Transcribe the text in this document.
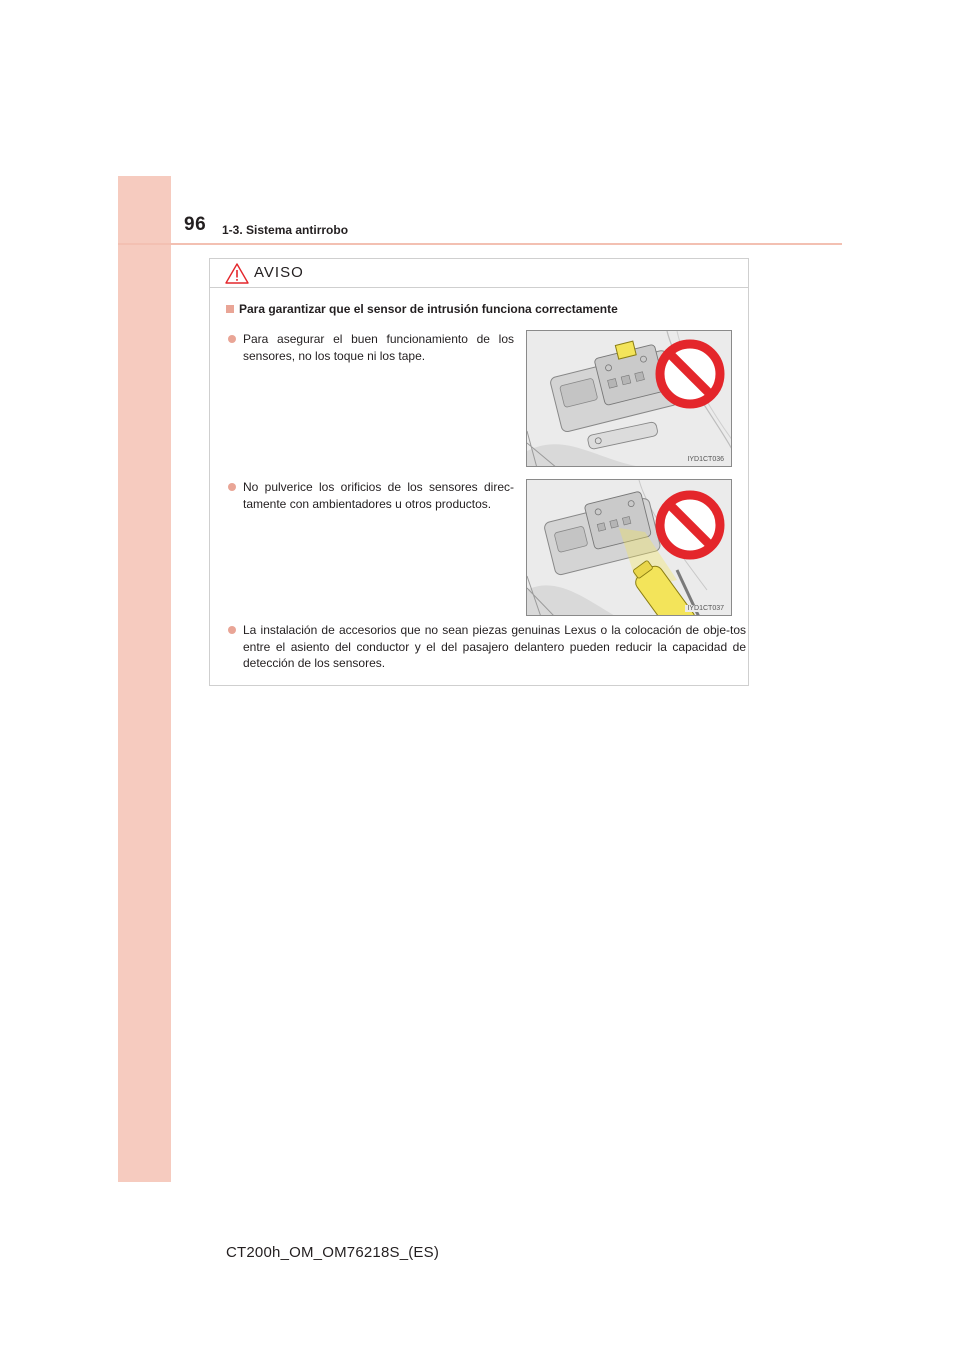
96 1-3. Sistema antirrobo
AVISO
Para garantizar que el sensor de intrusión funciona correctamente
Para asegurar el buen funcionamiento de los sensores, no los toque ni los tape.
IYD1CT036
No pulverice los orificios de los sensores direc-tamente con ambientadores u otros productos.
IYD1CT037
La instalación de accesorios que no sean piezas genuinas Lexus o la colocación de obje-tos entre el asiento del conductor y el del pasajero delantero pueden reducir la capacidad de detección de los sensores.
CT200h_OM_OM76218S_(ES)
